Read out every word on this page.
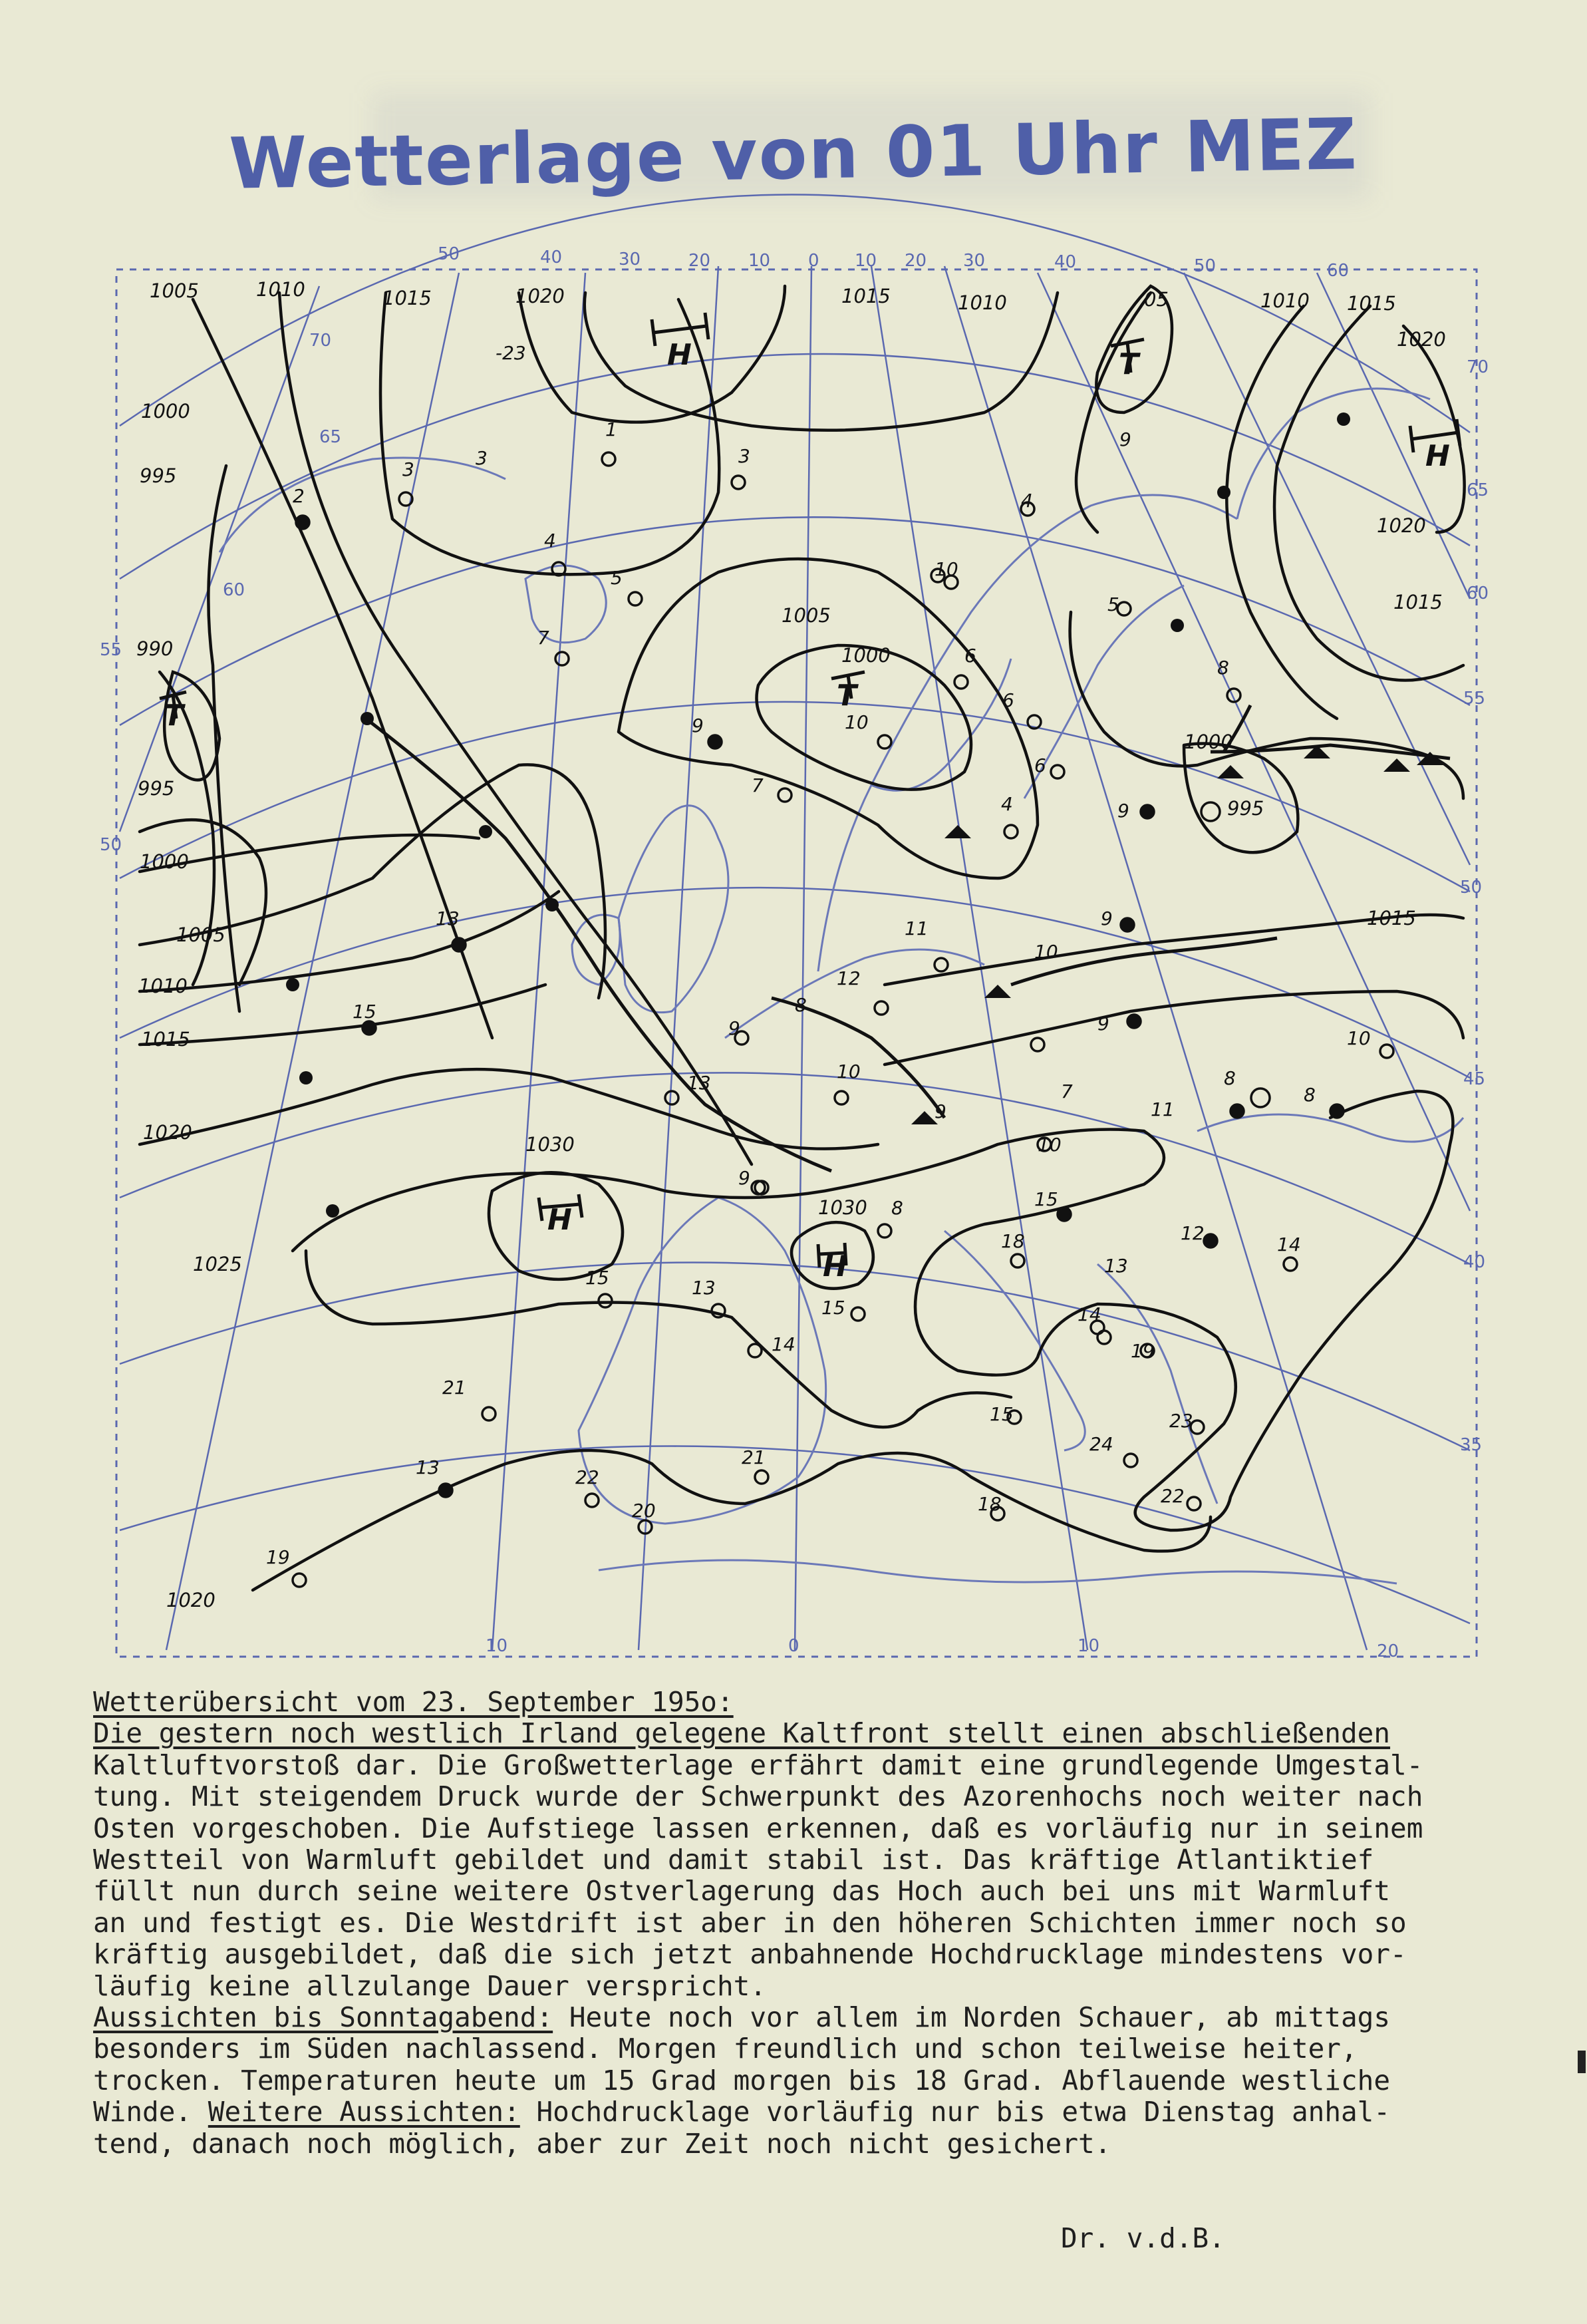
Wetterlage von 01 Uhr MEZ
1005	1010	1015	1020	1015	1010	05	1010 1015
1020
1020
1015
1000
995
990
995
1000
1005
1010
1015
1020
1025
1030
1030
1005
1000
1000
995
1015
1020
H	T
H
T
T
H
H
-23
1
3
2
3
3
4
5
7
9
4
10
5
8
9
6
6
6
10
7
9
4
9
13
15
11
12
10
9
9
8
13
10
9
7
11
8
10
8
10
9
8	15
18
13
12
14
13
15
15
14
21
14	19
15
24
23
13
22
21
20	18
22
19
50	40	30	20 10 0 10 20 30	40	50	60
10	0	10	20
70
65
60
55
50
45
40
35
70
65
60
55
50

Wetterübersicht vom 23. September 195o:

Die gestern noch westlich Irland gelegene Kaltfront stellt einen abschließenden

Kaltluftvorstoß dar. Die Großwetterlage erfährt damit eine grundlegende Umgestal-

tung. Mit steigendem Druck wurde der Schwerpunkt des Azorenhochs noch weiter nach

Osten vorgeschoben. Die Aufstiege lassen erkennen, daß es vorläufig nur in seinem

Westteil von Warmluft gebildet und damit stabil ist. Das kräftige Atlantiktief

füllt nun durch seine weitere Ostverlagerung das Hoch auch bei uns mit Warmluft

an und festigt es. Die Westdrift ist aber in den höheren Schichten immer noch so

kräftig ausgebildet, daß die sich jetzt anbahnende Hochdrucklage mindestens vor-

läufig keine allzulange Dauer verspricht.

Aussichten bis Sonntagabend: Heute noch vor allem im Norden Schauer, ab mittags

besonders im Süden nachlassend. Morgen freundlich und schon teilweise heiter,

trocken. Temperaturen heute um 15 Grad morgen bis 18 Grad. Abflauende westliche

Winde. Weitere Aussichten: Hochdrucklage vorläufig nur bis etwa Dienstag anhal-

tend, danach noch möglich, aber zur Zeit noch nicht gesichert.

Dr. v.d.B.
